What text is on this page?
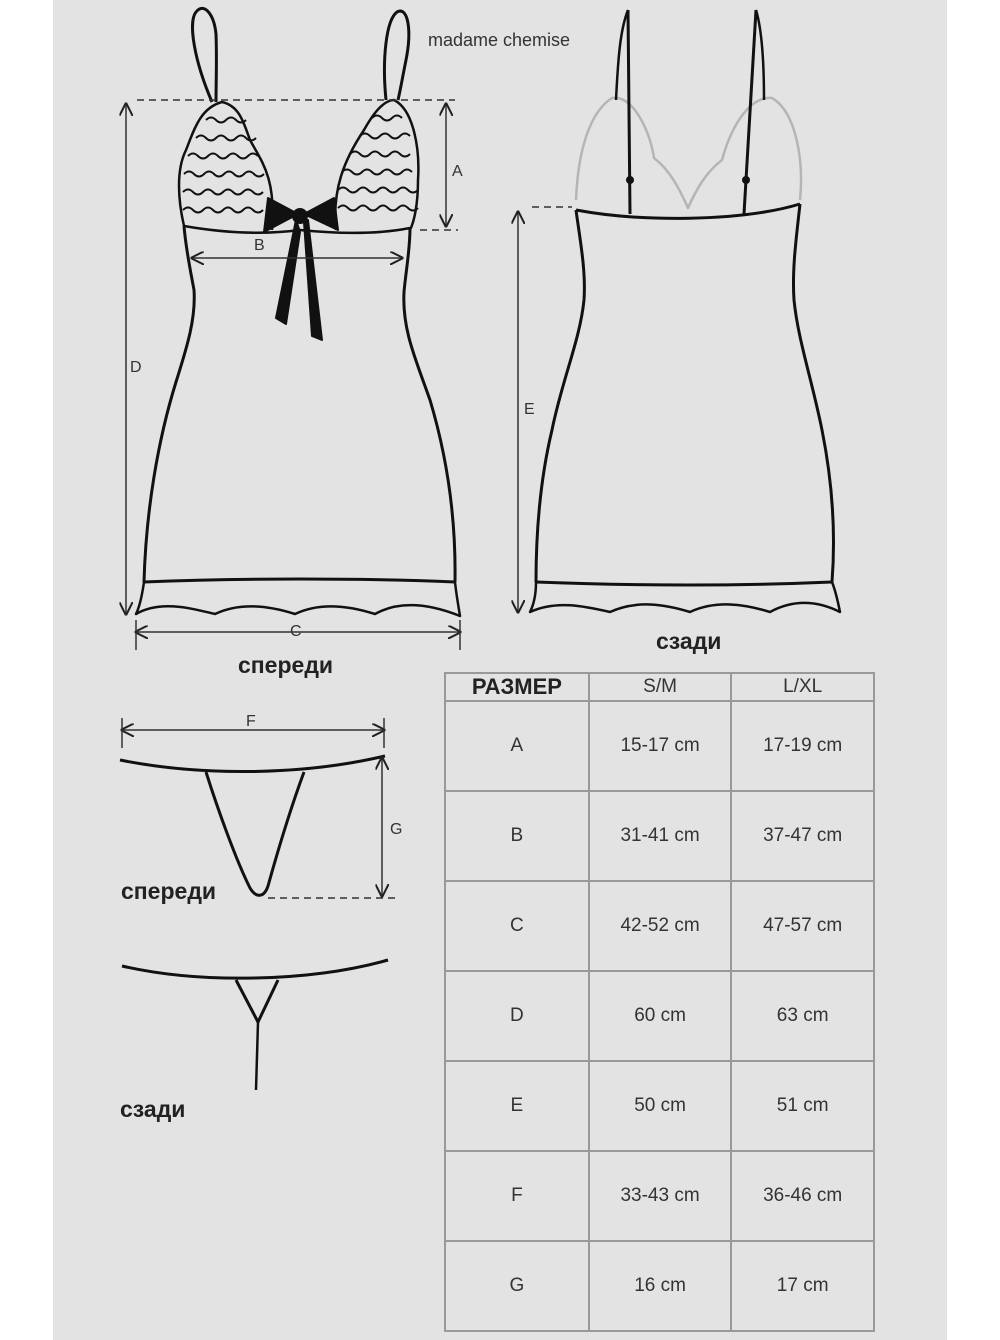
madame chemise
A
B
D
C
спереди
E
сзади
F
G
спереди
сзади
РАЗМЕР	S/M	L/XL
A	15-17 cm	17-19 cm
B	31-41 cm	37-47 cm
C	42-52 cm	47-57 cm
D	60 cm	63 cm
E	50 cm	51 cm
F	33-43 cm	36-46 cm
G	16 cm	17 cm
